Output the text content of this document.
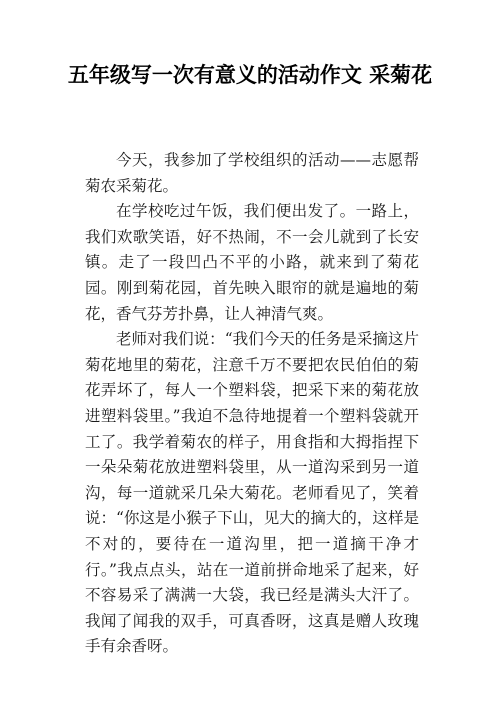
五年级写一次有意义的活动作文 采菊花

今天，我参加了学校组织的活动——志愿帮菊农采菊花。

在学校吃过午饭，我们便出发了。一路上，我们欢歌笑语，好不热闹，不一会儿就到了长安镇。走了一段凹凸不平的小路，就来到了菊花园。刚到菊花园，首先映入眼帘的就是遍地的菊花，香气芬芳扑鼻，让人神清气爽。

老师对我们说：“我们今天的任务是采摘这片菊花地里的菊花，注意千万不要把农民伯伯的菊花弄坏了，每人一个塑料袋，把采下来的菊花放进塑料袋里。”我迫不急待地提着一个塑料袋就开工了。我学着菊农的样子，用食指和大拇指捏下一朵朵菊花放进塑料袋里，从一道沟采到另一道沟，每一道就采几朵大菊花。老师看见了，笑着说：“你这是小猴子下山，见大的摘大的，这样是不对的，要待在一道沟里，把一道摘干净才行。”我点点头，站在一道前拼命地采了起来，好不容易采了满满一大袋，我已经是满头大汗了。我闻了闻我的双手，可真香呀，这真是赠人玫瑰手有余香呀。
